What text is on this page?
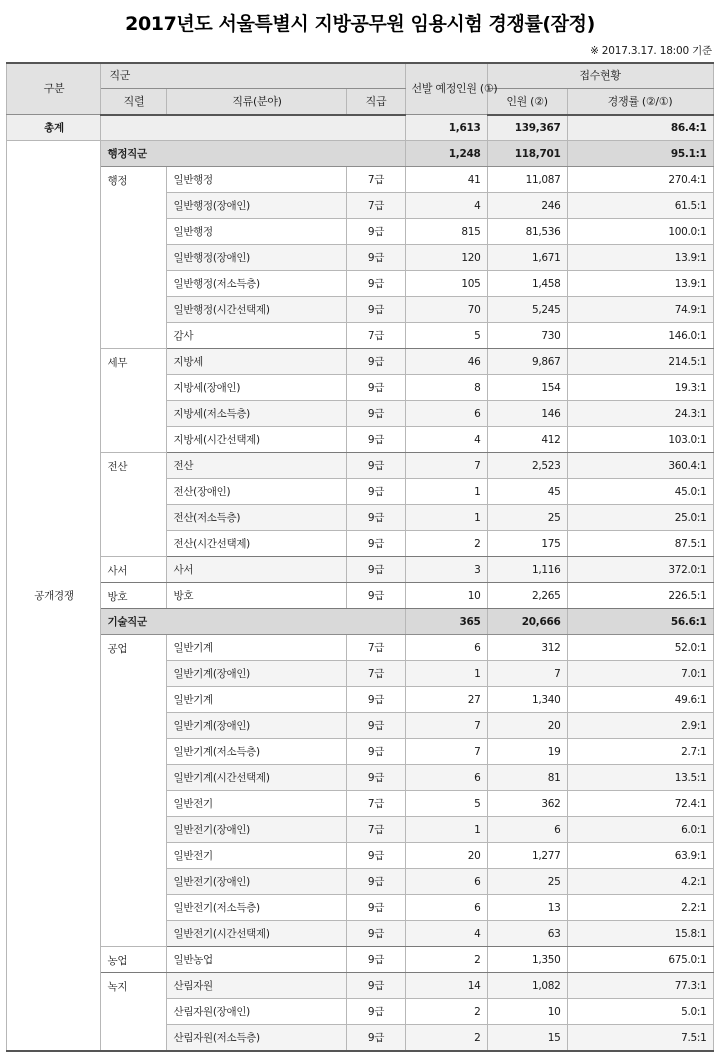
2017년도 서울특별시 지방공무원 임용시험 경쟁률(잠정)
※ 2017.3.17. 18:00 기준
구분	직군			선발 예정인원 (①)	접수현황	
	직렬	직류(분야)	직급		인원 (②)	경쟁률 (②/①)
총계				1,613	139,367	86.4:1
공개경쟁	행정직군			1,248	118,701	95.1:1
	행정	일반행정	7급	41	11,087	270.4:1
		일반행정(장애인)	7급	4	246	61.5:1
		일반행정	9급	815	81,536	100.0:1
		일반행정(장애인)	9급	120	1,671	13.9:1
		일반행정(저소득층)	9급	105	1,458	13.9:1
		일반행정(시간선택제)	9급	70	5,245	74.9:1
		감사	7급	5	730	146.0:1
	세무	지방세	9급	46	9,867	214.5:1
		지방세(장애인)	9급	8	154	19.3:1
		지방세(저소득층)	9급	6	146	24.3:1
		지방세(시간선택제)	9급	4	412	103.0:1
	전산	전산	9급	7	2,523	360.4:1
		전산(장애인)	9급	1	45	45.0:1
		전산(저소득층)	9급	1	25	25.0:1
		전산(시간선택제)	9급	2	175	87.5:1
	사서	사서	9급	3	1,116	372.0:1
	방호	방호	9급	10	2,265	226.5:1
	기술직군			365	20,666	56.6:1
	공업	일반기계	7급	6	312	52.0:1
		일반기계(장애인)	7급	1	7	7.0:1
		일반기계	9급	27	1,340	49.6:1
		일반기계(장애인)	9급	7	20	2.9:1
		일반기계(저소득층)	9급	7	19	2.7:1
		일반기계(시간선택제)	9급	6	81	13.5:1
		일반전기	7급	5	362	72.4:1
		일반전기(장애인)	7급	1	6	6.0:1
		일반전기	9급	20	1,277	63.9:1
		일반전기(장애인)	9급	6	25	4.2:1
		일반전기(저소득층)	9급	6	13	2.2:1
		일반전기(시간선택제)	9급	4	63	15.8:1
	농업	일반농업	9급	2	1,350	675.0:1
	녹지	산림자원	9급	14	1,082	77.3:1
		산림자원(장애인)	9급	2	10	5.0:1
		산림자원(저소득층)	9급	2	15	7.5:1
